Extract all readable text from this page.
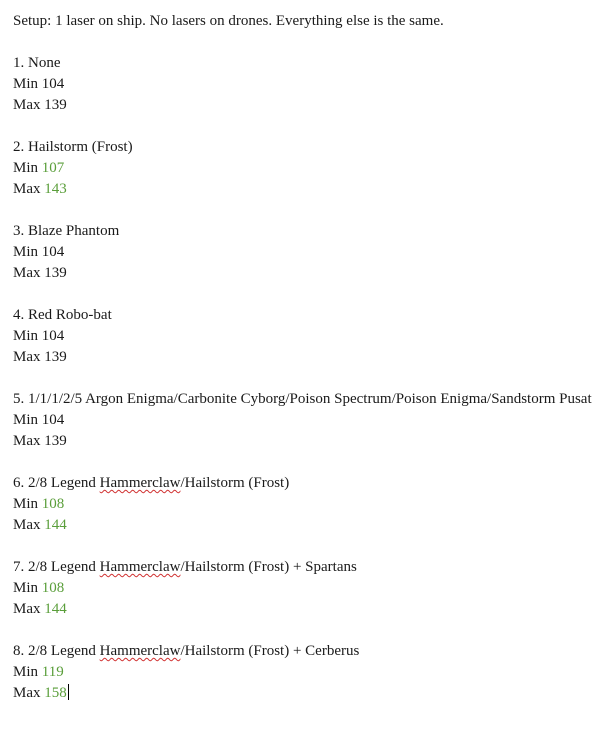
Setup: 1 laser on ship. No lasers on drones. Everything else is the same.
1. None
Min 104
Max 139
2. Hailstorm (Frost)
Min 107
Max 143
3. Blaze Phantom
Min 104
Max 139
4. Red Robo-bat
Min 104
Max 139
5. 1/1/1/2/5 Argon Enigma/Carbonite Cyborg/Poison Spectrum/Poison Enigma/Sandstorm Pusat
Min 104
Max 139
6. 2/8 Legend Hammerclaw/Hailstorm (Frost)
Min 108
Max 144
7. 2/8 Legend Hammerclaw/Hailstorm (Frost) + Spartans
Min 108
Max 144
8. 2/8 Legend Hammerclaw/Hailstorm (Frost) + Cerberus
Min 119
Max 158
